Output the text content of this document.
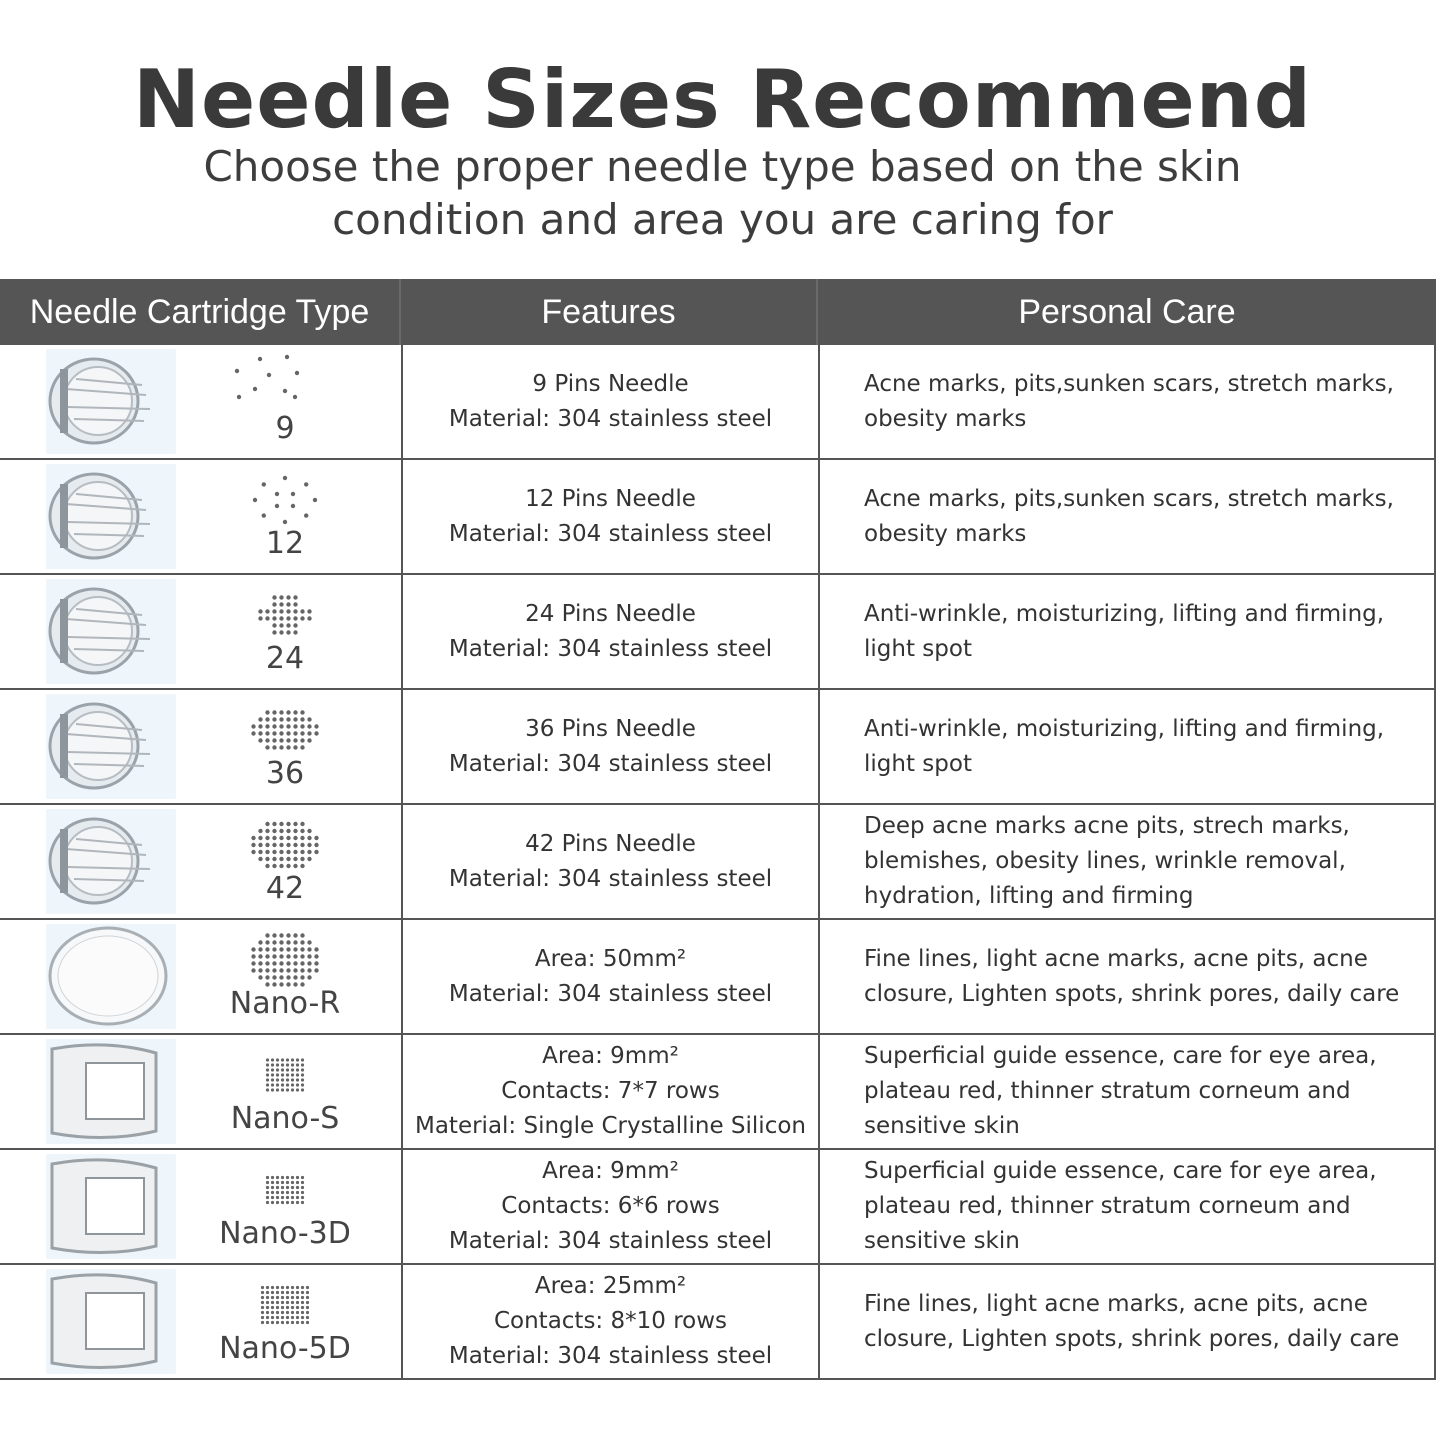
Needle Sizes Recommend
Choose the proper needle type based on the skin
condition and area you are caring for
Needle Cartridge Type	Features	Personal Care
9
9 Pins Needle
Material: 304 stainless steel
Acne marks, pits,sunken scars, stretch marks,
obesity marks
12
12 Pins Needle
Material: 304 stainless steel
Acne marks, pits,sunken scars, stretch marks,
obesity marks
24
24 Pins Needle
Material: 304 stainless steel
Anti-wrinkle, moisturizing, lifting and firming,
light spot
36
36 Pins Needle
Material: 304 stainless steel
Anti-wrinkle, moisturizing, lifting and firming,
light spot
42
42 Pins Needle
Material: 304 stainless steel
Deep acne marks acne pits, strech marks,
blemishes, obesity lines, wrinkle removal,
hydration, lifting and firming
Nano-R
Area: 50mm²
Material: 304 stainless steel
Fine lines, light acne marks, acne pits, acne
closure, Lighten spots, shrink pores, daily care
Nano-S
Area: 9mm²
Contacts: 7*7 rows
Material: Single Crystalline Silicon
Superficial guide essence, care for eye area,
plateau red, thinner stratum corneum and
sensitive skin
Nano-3D
Area: 9mm²
Contacts: 6*6 rows
Material: 304 stainless steel
Superficial guide essence, care for eye area,
plateau red, thinner stratum corneum and
sensitive skin
Nano-5D
Area: 25mm²
Contacts: 8*10 rows
Material: 304 stainless steel
Fine lines, light acne marks, acne pits, acne
closure, Lighten spots, shrink pores, daily care
